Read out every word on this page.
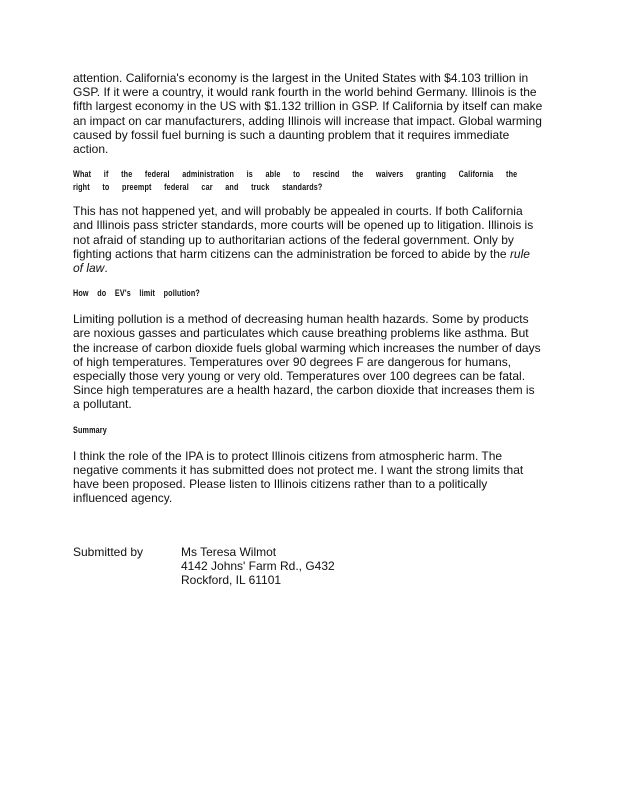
attention. California's economy is the largest in the United States with $4.103 trillion in GSP. If it were a country, it would rank fourth in the world behind Germany. Illinois is the fifth largest economy in the US with $1.132 trillion in GSP. If California by itself can make an impact on car manufacturers, adding Illinois will increase that impact. Global warming caused by fossil fuel burning is such a daunting problem that it requires immediate action.

What if the federal administration is able to rescind the waivers granting California the right to preempt federal car and truck standards?

This has not happened yet, and will probably be appealed in courts. If both California and Illinois pass stricter standards, more courts will be opened up to litigation. Illinois is not afraid of standing up to authoritarian actions of the federal government. Only by fighting actions that harm citizens can the administration be forced to abide by the rule of law.

How do EV's limit pollution?

Limiting pollution is a method of decreasing human health hazards. Some by products are noxious gasses and particulates which cause breathing problems like asthma. But the increase of carbon dioxide fuels global warming which increases the number of days of high temperatures. Temperatures over 90 degrees F are dangerous for humans, especially those very young or very old. Temperatures over 100 degrees can be fatal. Since high temperatures are a health hazard, the carbon dioxide that increases them is a pollutant.

Summary

I think the role of the IPA is to protect Illinois citizens from atmospheric harm. The negative comments it has submitted does not protect me. I want the strong limits that have been proposed. Please listen to Illinois citizens rather than to a politically influenced agency.

Submitted by	Ms Teresa Wilmot
4142 Johns' Farm Rd., G432
Rockford, IL 61101
